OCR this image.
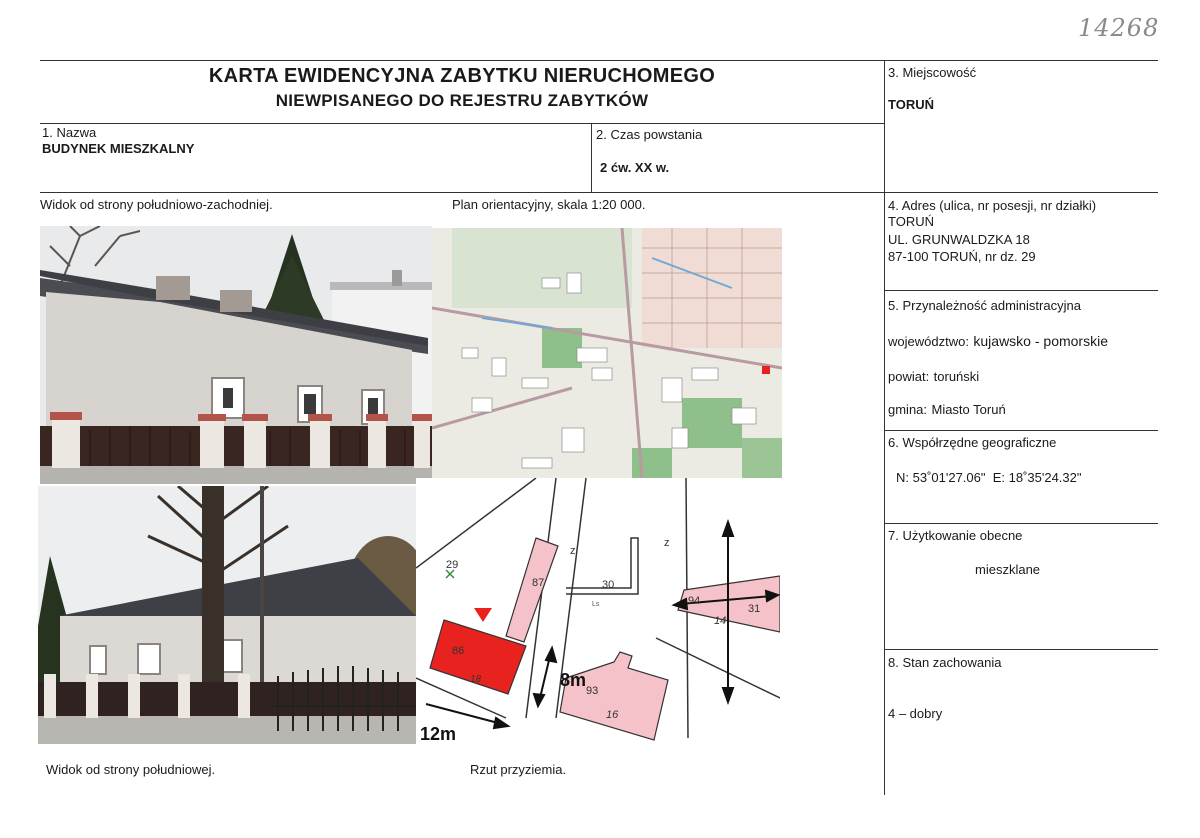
14268
KARTA EWIDENCYJNA ZABYTKU NIERUCHOMEGO
NIEWPISANEGO DO REJESTRU ZABYTKÓW
3. Miejscowość
TORUŃ
1. Nazwa
BUDYNEK MIESZKALNY
2. Czas powstania
2 ćw. XX w.
4. Adres (ulica, nr posesji, nr działki)
TORUŃ
UL. GRUNWALDZKA 18
87-100 TORUŃ, nr dz. 29
5. Przynależność administracyjna
województwo: kujawsko - pomorskie
powiat: toruński
gmina: Miasto Toruń
6. Współrzędne geograficzne
N: 53˚01'27.06"  E: 18˚35'24.32"
7. Użytkowanie obecne
mieszklane
8. Stan zachowania
4 – dobry
Widok od strony południowo-zachodniej.	Plan orientacyjny, skala 1:20 000.
Widok od strony południowej.	Rzut przyziemia.
29
87
86
18
30
Ls
z
z
93
16
94
31
14
8m
12m
